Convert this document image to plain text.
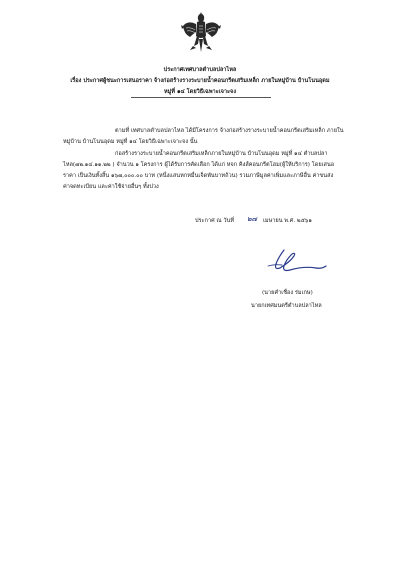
ประกาศเทศบาลตำบลปลาไหล
เรื่อง ประกาศผู้ชนะการเสนอราคา จ้างก่อสร้างรางระบายน้ำคอนกรีตเสริมเหล็ก ภายในหมู่บ้าน บ้านโนนอุดม
หมู่ที่ ๑๔ โดยวิธีเฉพาะเจาะจง
ตามที่ เทศบาลตำบลปลาไหล ได้มีโครงการ จ้างก่อสร้างรางระบายน้ำคอนกรีตเสริมเหล็ก ภายใน
หมู่บ้าน บ้านโนนอุดม หมู่ที่ ๑๔ โดยวิธีเฉพาะเจาะจง นั้น
ก่อสร้างรางระบายน้ำคอนกรีตเสริมเหล็กภายในหมู่บ้าน บ้านโนนอุดม หมู่ที่ ๑๔ ตำบลปลา
ไหล(๗๒.๑๔.๑๑.๒๒ ) จำนวน ๑ โครงการ ผู้ได้รับการคัดเลือก ได้แก่ หจก คิงส์คอนกรีตโฮม(ผู้ให้บริการ) โดยเสนอ
ราคา เป็นเงินทั้งสิ้น ๑๖๗,๐๐๐.๐๐ บาท (หนึ่งแสนหกหมื่นเจ็ดพันบาทถ้วน) รวมภาษีมูลค่าเพิ่มและภาษีอื่น ค่าขนส่ง
ค่าจดทะเบียน และค่าใช้จ่ายอื่นๆ ทั้งปวง
ประกาศ ณ วันที่ ๒๗ เมษายน พ.ศ. ๒๕๖๑
(นายคำเชื่อง ร่มเกษ)
นายกเทศมนตรีตำบลปลาไหล
